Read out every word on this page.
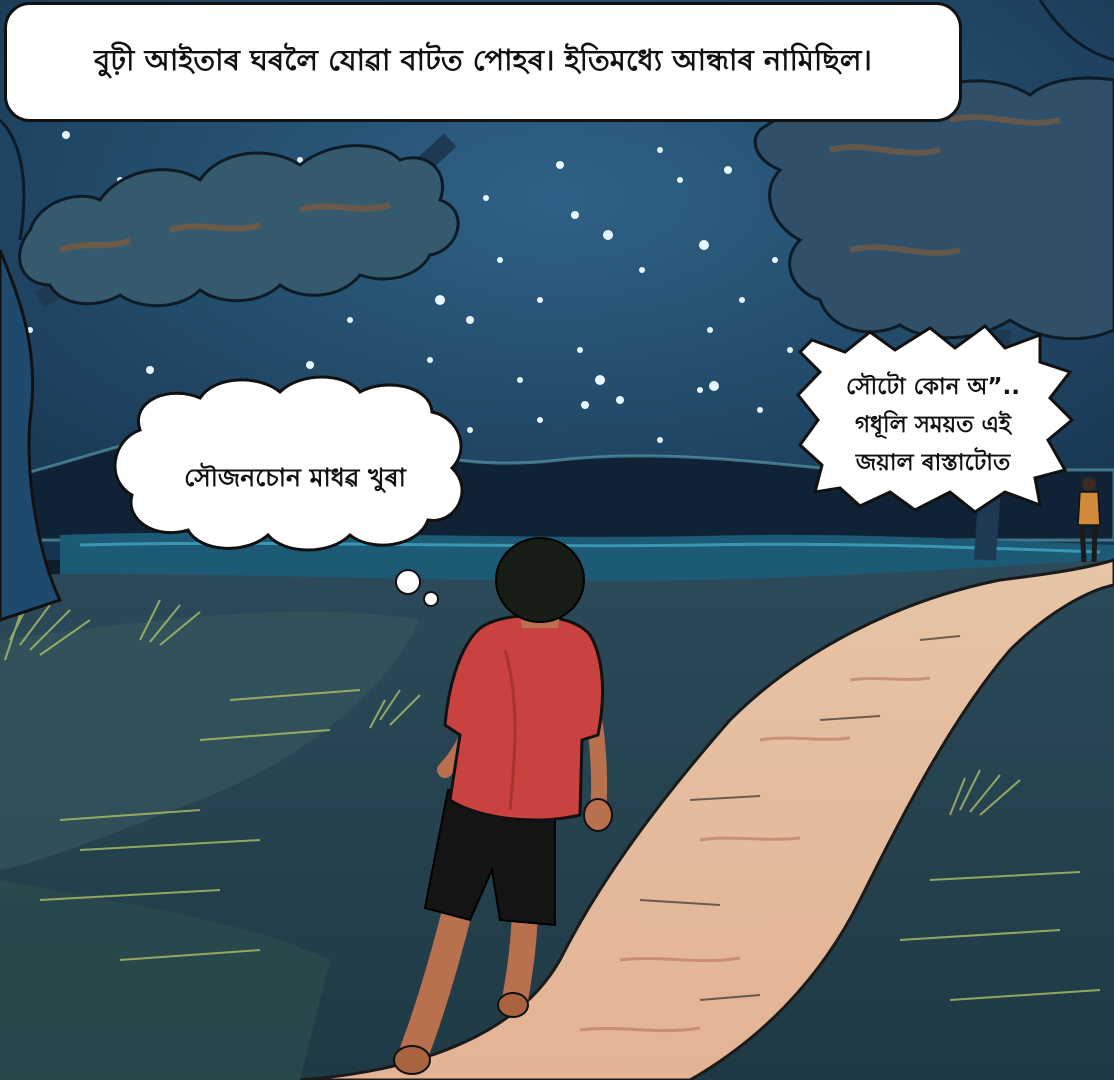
বুঢ়ী আইতাৰ ঘৰলৈ যোৱা বাটত পোহৰ। ইতিমধ্যে আন্ধাৰ নামিছিল।
সৌজনচোন মাধৱ খুৰা
সৌটো কোন অ”..
গধূলি সময়ত এই
জয়াল ৰাস্তাটোত
